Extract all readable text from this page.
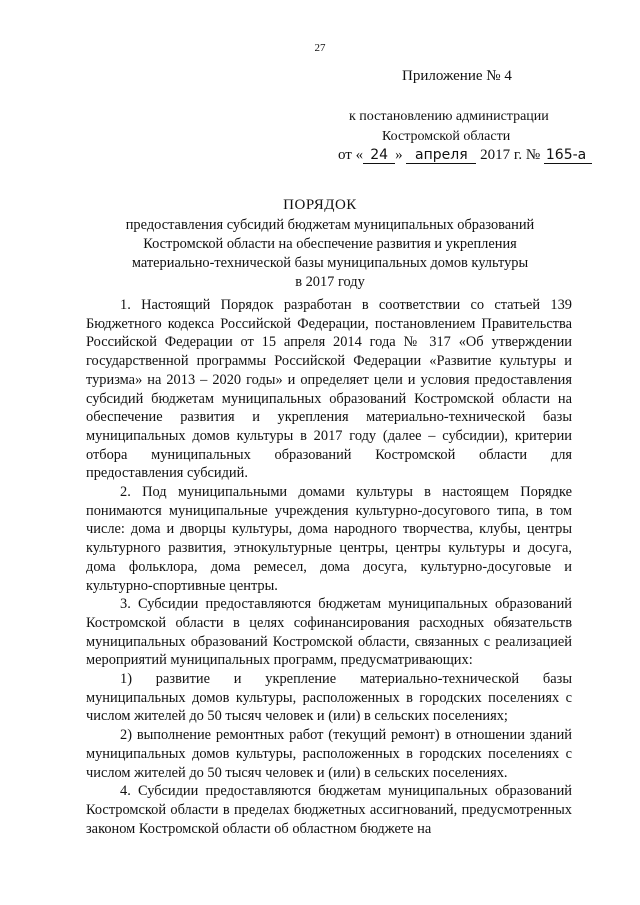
27
Приложение № 4
к постановлению администрации
Костромской области
от « 24 » апреля 2017 г. № 165-а
ПОРЯДОК
предоставления субсидий бюджетам муниципальных образований
Костромской области на обеспечение развития и укрепления
материально-технической базы муниципальных домов культуры
в 2017 году

1. Настоящий Порядок разработан в соответствии со статьей 139 Бюджетного кодекса Российской Федерации, постановлением Правительства Российской Федерации от 15 апреля 2014 года № 317 «Об утверждении государственной программы Российской Федерации «Развитие культуры и туризма» на 2013 – 2020 годы» и определяет цели и условия предоставления субсидий бюджетам муниципальных образований Костромской области на обеспечение развития и укрепления материально-технической базы муниципальных домов культуры в 2017 году (далее – субсидии), критерии отбора муниципальных образований Костромской области для предоставления субсидий.

2. Под муниципальными домами культуры в настоящем Порядке понимаются муниципальные учреждения культурно-досугового типа, в том числе: дома и дворцы культуры, дома народного творчества, клубы, центры культурного развития, этнокультурные центры, центры культуры и досуга, дома фольклора, дома ремесел, дома досуга, культурно-досуговые и культурно-спортивные центры.

3. Субсидии предоставляются бюджетам муниципальных образований Костромской области в целях софинансирования расходных обязательств муниципальных образований Костромской области, связанных с реализацией мероприятий муниципальных программ, предусматривающих:

1) развитие и укрепление материально-технической базы муниципальных домов культуры, расположенных в городских поселениях с числом жителей до 50 тысяч человек и (или) в сельских поселениях;

2) выполнение ремонтных работ (текущий ремонт) в отношении зданий муниципальных домов культуры, расположенных в городских поселениях с числом жителей до 50 тысяч человек и (или) в сельских поселениях.

4. Субсидии предоставляются бюджетам муниципальных образований Костромской области в пределах бюджетных ассигнований, предусмотренных законом Костромской области об областном бюджете на
